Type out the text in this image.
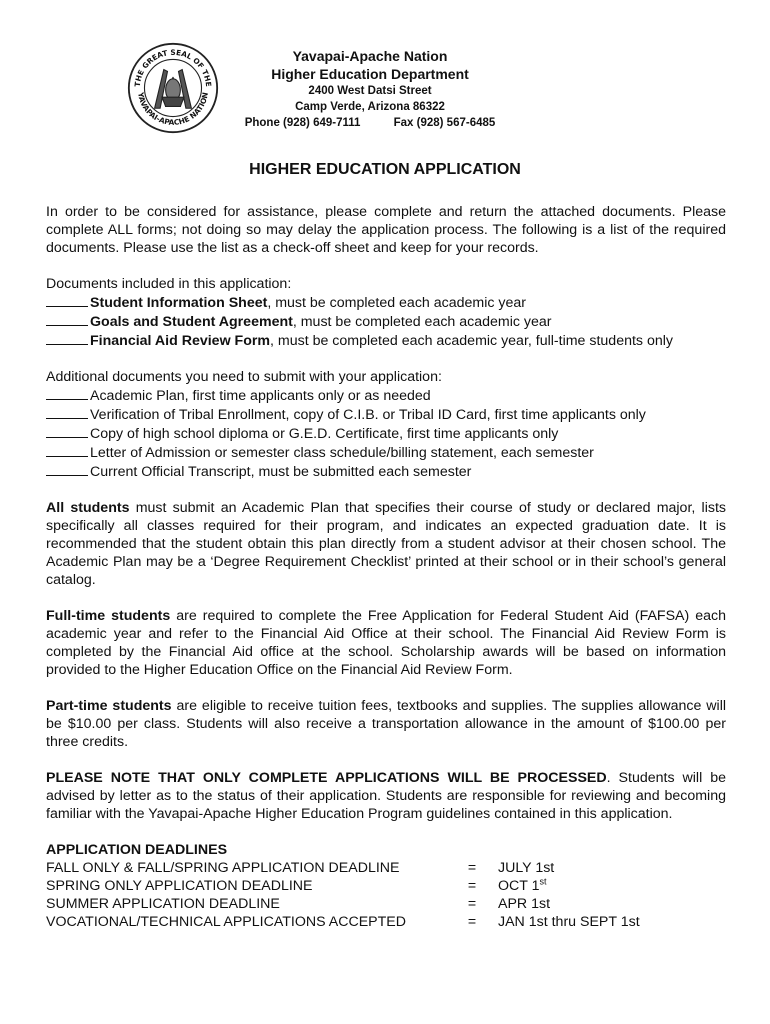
THE GREAT SEAL OF THE
YAVAPAI-APACHE NATION
Yavapai-Apache Nation
Higher Education Department
2400 West Datsi Street
Camp Verde, Arizona 86322
Phone (928) 649-7111	Fax (928) 567-6485
HIGHER EDUCATION APPLICATION

In order to be considered for assistance, please complete and return the attached documents. Please complete ALL forms; not doing so may delay the application process. The following is a list of the required documents. Please use the list as a check-off sheet and keep for your records.

Documents included in this application:
Student Information Sheet, must be completed each academic year
Goals and Student Agreement, must be completed each academic year
Financial Aid Review Form, must be completed each academic year, full-time students only
Additional documents you need to submit with your application:
Academic Plan, first time applicants only or as needed
Verification of Tribal Enrollment, copy of C.I.B. or Tribal ID Card, first time applicants only
Copy of high school diploma or G.E.D. Certificate, first time applicants only
Letter of Admission or semester class schedule/billing statement, each semester
Current Official Transcript, must be submitted each semester

All students must submit an Academic Plan that specifies their course of study or declared major, lists specifically all classes required for their program, and indicates an expected graduation date. It is recommended that the student obtain this plan directly from a student advisor at their chosen school. The Academic Plan may be a ‘Degree Requirement Checklist’ printed at their school or in their school’s general catalog.

Full-time students are required to complete the Free Application for Federal Student Aid (FAFSA) each academic year and refer to the Financial Aid Office at their school. The Financial Aid Review Form is completed by the Financial Aid office at the school. Scholarship awards will be based on information provided to the Higher Education Office on the Financial Aid Review Form.

Part-time students are eligible to receive tuition fees, textbooks and supplies. The supplies allowance will be $10.00 per class. Students will also receive a transportation allowance in the amount of $100.00 per three credits.

PLEASE NOTE THAT ONLY COMPLETE APPLICATIONS WILL BE PROCESSED. Students will be advised by letter as to the status of their application. Students are responsible for reviewing and becoming familiar with the Yavapai-Apache Higher Education Program guidelines contained in this application.

APPLICATION DEADLINES
FALL ONLY & FALL/SPRING APPLICATION DEADLINE	=	JULY 1st
SPRING ONLY APPLICATION DEADLINE	=	OCT 1st
SUMMER APPLICATION DEADLINE	=	APR 1st
VOCATIONAL/TECHNICAL APPLICATIONS ACCEPTED	=	JAN 1st thru SEPT 1st
